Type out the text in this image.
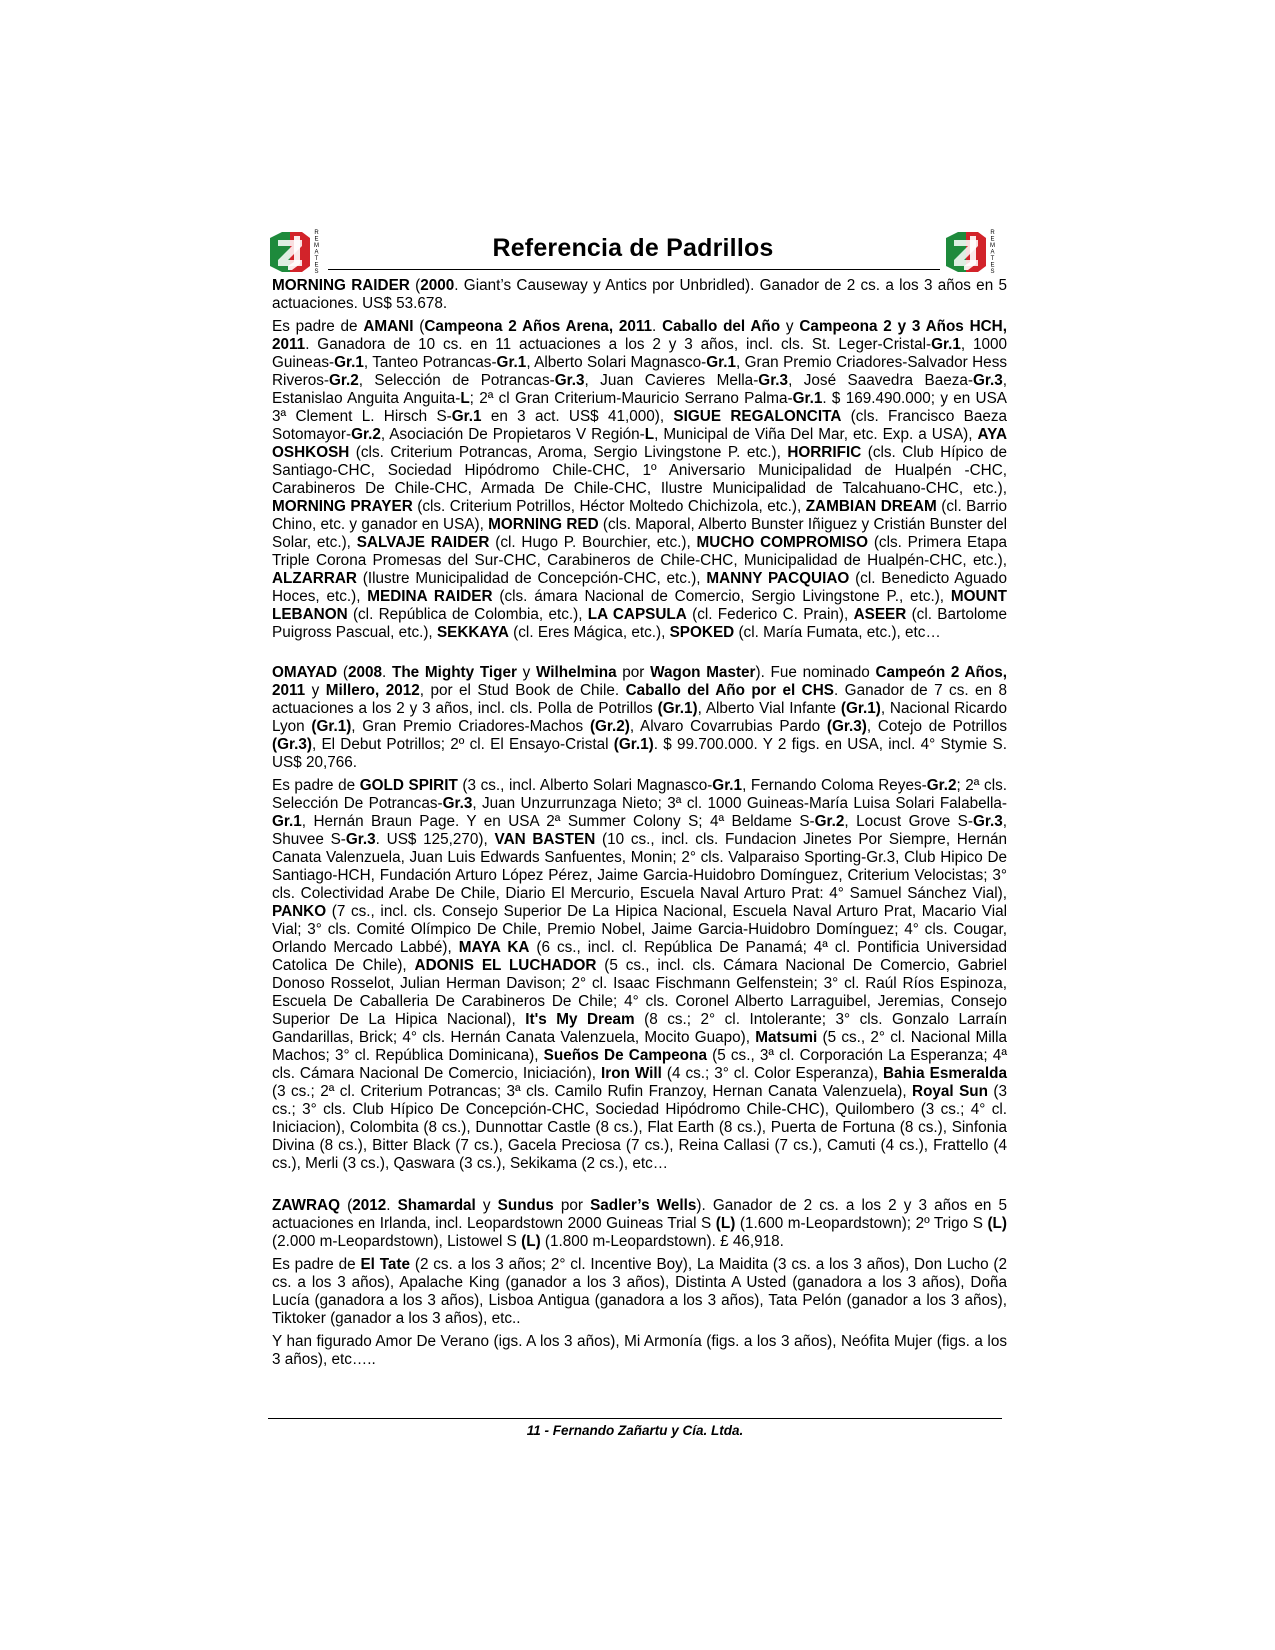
R
E
M
A
T
E
S
Referencia de Padrillos
R
E
M
A
T
E
S

MORNING RAIDER (2000. Giant’s Causeway y Antics por Unbridled). Ganador de 2 cs. a los 3 años en 5 actuaciones. US$ 53.678.

Es padre de AMANI (Campeona 2 Años Arena, 2011. Caballo del Año y Campeona 2 y 3 Años HCH, 2011. Ganadora de 10 cs. en 11 actuaciones a los 2 y 3 años, incl. cls. St. Leger-Cristal-Gr.1, 1000 Guineas-Gr.1, Tanteo Potrancas-Gr.1, Alberto Solari Magnasco-Gr.1, Gran Premio Criadores-Salvador Hess Riveros-Gr.2, Selección de Potrancas-Gr.3, Juan Cavieres Mella-Gr.3, José Saavedra Baeza-Gr.3, Estanislao Anguita Anguita-L; 2ª cl Gran Criterium-Mauricio Serrano Palma-Gr.1. $ 169.490.000; y en USA 3ª Clement L. Hirsch S-Gr.1 en 3 act. US$ 41,000), SIGUE REGALONCITA (cls. Francisco Baeza Sotomayor-Gr.2, Asociación De Propietaros V Región-L, Municipal de Viña Del Mar, etc. Exp. a USA), AYA OSHKOSH (cls. Criterium Potrancas, Aroma, Sergio Livingstone P. etc.), HORRIFIC (cls. Club Hípico de Santiago-CHC, Sociedad Hipódromo Chile-CHC, 1º Aniversario Municipalidad de Hualpén -CHC, Carabineros De Chile-CHC, Armada De Chile-CHC, Ilustre Municipalidad de Talcahuano-CHC, etc.), MORNING PRAYER (cls. Criterium Potrillos, Héctor Moltedo Chichizola, etc.), ZAMBIAN DREAM (cl. Barrio Chino, etc. y ganador en USA), MORNING RED (cls. Maporal, Alberto Bunster Iñiguez y Cristián Bunster del Solar, etc.), SALVAJE RAIDER (cl. Hugo P. Bourchier, etc.), MUCHO COMPROMISO (cls. Primera Etapa Triple Corona Promesas del Sur-CHC, Carabineros de Chile-CHC, Municipalidad de Hualpén-CHC, etc.), ALZARRAR (Ilustre Municipalidad de Concepción-CHC, etc.), MANNY PACQUIAO (cl. Benedicto Aguado Hoces, etc.), MEDINA RAIDER (cls. ámara Nacional de Comercio, Sergio Livingstone P., etc.), MOUNT LEBANON (cl. República de Colombia, etc.), LA CAPSULA (cl. Federico C. Prain), ASEER (cl. Bartolome Puigross Pascual, etc.), SEKKAYA (cl. Eres Mágica, etc.), SPOKED (cl. María Fumata, etc.), etc…

OMAYAD (2008. The Mighty Tiger y Wilhelmina por Wagon Master). Fue nominado Campeón 2 Años, 2011 y Millero, 2012, por el Stud Book de Chile. Caballo del Año por el CHS. Ganador de 7 cs. en 8 actuaciones a los 2 y 3 años, incl. cls. Polla de Potrillos (Gr.1), Alberto Vial Infante (Gr.1), Nacional Ricardo Lyon (Gr.1), Gran Premio Criadores-Machos (Gr.2), Alvaro Covarrubias Pardo (Gr.3), Cotejo de Potrillos (Gr.3), El Debut Potrillos; 2º cl. El Ensayo-Cristal (Gr.1). $ 99.700.000. Y 2 figs. en USA, incl. 4° Stymie S. US$ 20,766.

Es padre de GOLD SPIRIT (3 cs., incl. Alberto Solari Magnasco-Gr.1, Fernando Coloma Reyes-Gr.2; 2ª cls. Selección De Potrancas-Gr.3, Juan Unzurrunzaga Nieto; 3ª cl. 1000 Guineas-María Luisa Solari Falabella-Gr.1, Hernán Braun Page. Y en USA 2ª Summer Colony S; 4ª Beldame S-Gr.2, Locust Grove S-Gr.3, Shuvee S-Gr.3. US$ 125,270), VAN BASTEN (10 cs., incl. cls. Fundacion Jinetes Por Siempre, Hernán Canata Valenzuela, Juan Luis Edwards Sanfuentes, Monin; 2° cls. Valparaiso Sporting-Gr.3, Club Hipico De Santiago-HCH, Fundación Arturo López Pérez, Jaime Garcia-Huidobro Domínguez, Criterium Velocistas; 3° cls. Colectividad Arabe De Chile, Diario El Mercurio, Escuela Naval Arturo Prat: 4° Samuel Sánchez Vial), PANKO (7 cs., incl. cls. Consejo Superior De La Hipica Nacional, Escuela Naval Arturo Prat, Macario Vial Vial; 3° cls. Comité Olímpico De Chile, Premio Nobel, Jaime Garcia-Huidobro Domínguez; 4° cls. Cougar, Orlando Mercado Labbé), MAYA KA (6 cs., incl. cl. República De Panamá; 4ª cl. Pontificia Universidad Catolica De Chile), ADONIS EL LUCHADOR (5 cs., incl. cls. Cámara Nacional De Comercio, Gabriel Donoso Rosselot, Julian Herman Davison; 2° cl. Isaac Fischmann Gelfenstein; 3° cl. Raúl Ríos Espinoza, Escuela De Caballeria De Carabineros De Chile; 4° cls. Coronel Alberto Larraguibel, Jeremias, Consejo Superior De La Hipica Nacional), It's My Dream (8 cs.; 2° cl. Intolerante; 3° cls. Gonzalo Larraín Gandarillas, Brick; 4° cls. Hernán Canata Valenzuela, Mocito Guapo), Matsumi (5 cs., 2° cl. Nacional Milla Machos; 3° cl. República Dominicana), Sueños De Campeona (5 cs., 3ª cl. Corporación La Esperanza; 4ª cls. Cámara Nacional De Comercio, Iniciación), Iron Will (4 cs.; 3° cl. Color Esperanza), Bahia Esmeralda (3 cs.; 2ª cl. Criterium Potrancas; 3ª cls. Camilo Rufin Franzoy, Hernan Canata Valenzuela), Royal Sun (3 cs.; 3° cls. Club Hípico De Concepción-CHC, Sociedad Hipódromo Chile-CHC), Quilombero (3 cs.; 4° cl. Iniciacion), Colombita (8 cs.), Dunnottar Castle (8 cs.), Flat Earth (8 cs.), Puerta de Fortuna (8 cs.), Sinfonia Divina (8 cs.), Bitter Black (7 cs.), Gacela Preciosa (7 cs.), Reina Callasi (7 cs.), Camuti (4 cs.), Frattello (4 cs.), Merli (3 cs.), Qaswara (3 cs.), Sekikama (2 cs.), etc…

ZAWRAQ (2012. Shamardal y Sundus por Sadler’s Wells). Ganador de 2 cs. a los 2 y 3 años en 5 actuaciones en Irlanda, incl. Leopardstown 2000 Guineas Trial S (L) (1.600 m-Leopardstown); 2º Trigo S (L) (2.000 m-Leopardstown), Listowel S (L) (1.800 m-Leopardstown). £ 46,918.

Es padre de El Tate (2 cs. a los 3 años; 2° cl. Incentive Boy), La Maidita (3 cs. a los 3 años), Don Lucho (2 cs. a los 3 años), Apalache King (ganador a los 3 años), Distinta A Usted (ganadora a los 3 años), Doña Lucía (ganadora a los 3 años), Lisboa Antigua (ganadora a los 3 años), Tata Pelón (ganador a los 3 años), Tiktoker (ganador a los 3 años), etc..

Y han figurado Amor De Verano (igs. A los 3 años), Mi Armonía (figs. a los 3 años), Neófita Mujer (figs. a los 3 años), etc…..

11 - Fernando Zañartu y Cía. Ltda.
